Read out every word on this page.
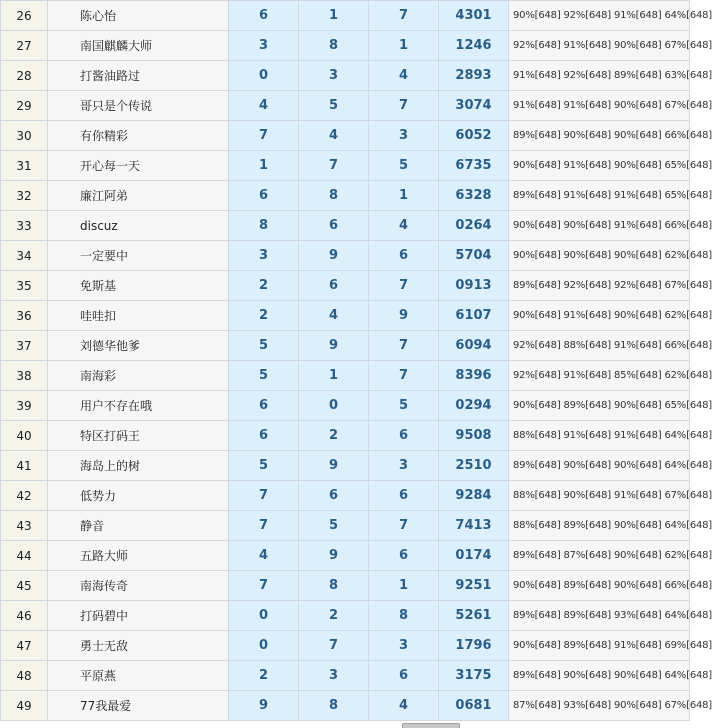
26	陈心怡	6	1	7	4301	90%[648] 92%[648] 91%[648] 64%[648]
27	南国麒麟大师	3	8	1	1246	92%[648] 91%[648] 90%[648] 67%[648]
28	打酱油路过	0	3	4	2893	91%[648] 92%[648] 89%[648] 63%[648]
29	哥只是个传说	4	5	7	3074	91%[648] 91%[648] 90%[648] 67%[648]
30	有你精彩	7	4	3	6052	89%[648] 90%[648] 90%[648] 66%[648]
31	开心每一天	1	7	5	6735	90%[648] 91%[648] 90%[648] 65%[648]
32	廉江阿弟	6	8	1	6328	89%[648] 91%[648] 91%[648] 65%[648]
33	discuz	8	6	4	0264	90%[648] 90%[648] 91%[648] 66%[648]
34	一定要中	3	9	6	5704	90%[648] 90%[648] 90%[648] 62%[648]
35	免斯基	2	6	7	0913	89%[648] 92%[648] 92%[648] 67%[648]
36	哇哇扣	2	4	9	6107	90%[648] 91%[648] 90%[648] 62%[648]
37	刘德华他爹	5	9	7	6094	92%[648] 88%[648] 91%[648] 66%[648]
38	南海彩	5	1	7	8396	92%[648] 91%[648] 85%[648] 62%[648]
39	用户不存在哦	6	0	5	0294	90%[648] 89%[648] 90%[648] 65%[648]
40	特区打码王	6	2	6	9508	88%[648] 91%[648] 91%[648] 64%[648]
41	海岛上的树	5	9	3	2510	89%[648] 90%[648] 90%[648] 64%[648]
42	低势力	7	6	6	9284	88%[648] 90%[648] 91%[648] 67%[648]
43	静音	7	5	7	7413	88%[648] 89%[648] 90%[648] 64%[648]
44	五路大师	4	9	6	0174	89%[648] 87%[648] 90%[648] 62%[648]
45	南海传奇	7	8	1	9251	90%[648] 89%[648] 90%[648] 66%[648]
46	打码碧中	0	2	8	5261	89%[648] 89%[648] 93%[648] 64%[648]
47	勇士无敌	0	7	3	1796	90%[648] 89%[648] 91%[648] 69%[648]
48	平原燕	2	3	6	3175	89%[648] 90%[648] 90%[648] 64%[648]
49	77我最爱	9	8	4	0681	87%[648] 93%[648] 90%[648] 67%[648]
